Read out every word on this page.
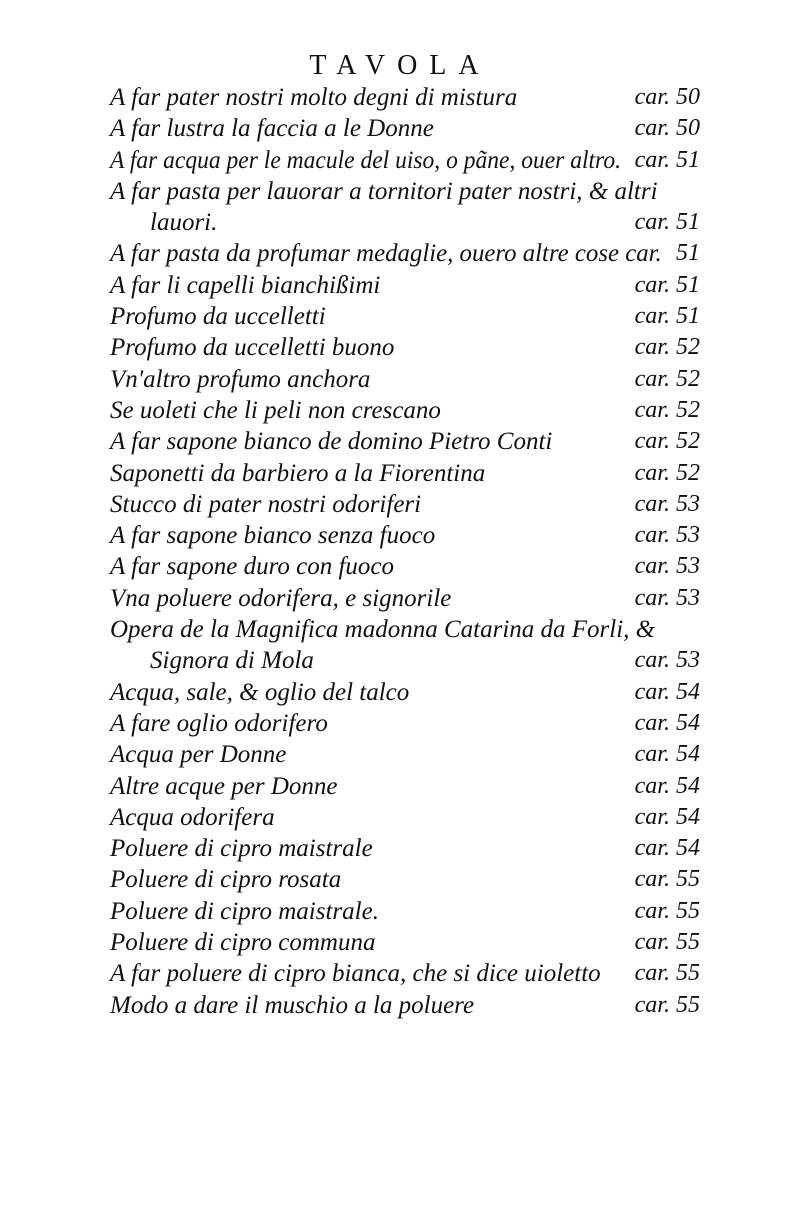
TAVOLA
A far pater nostri molto degni di mistura	car. 50
A far lustra la faccia a le Donne	car. 50
A far acqua per le macule del uiso, o pãne, ouer altro. car. 51
A far pasta per lauorar a tornitori pater nostri, & altri
lauori.	car. 51
A far pasta da profumar medaglie, ouero altre cose car. 51
A far li capelli bianchißimi	car. 51
Profumo da uccelletti	car. 51
Profumo da uccelletti buono	car. 52
Vn'altro profumo anchora	car. 52
Se uoleti che li peli non crescano	car. 52
A far sapone bianco de domino Pietro Conti	car. 52
Saponetti da barbiero a la Fiorentina	car. 52
Stucco di pater nostri odoriferi	car. 53
A far sapone bianco senza fuoco	car. 53
A far sapone duro con fuoco	car. 53
Vna poluere odorifera, e signorile	car. 53
Opera de la Magnifica madonna Catarina da Forli, &
Signora di Mola	car. 53
Acqua, sale, & oglio del talco	car. 54
A fare oglio odorifero	car. 54
Acqua per Donne	car. 54
Altre acque per Donne	car. 54
Acqua odorifera	car. 54
Poluere di cipro maistrale	car. 54
Poluere di cipro rosata	car. 55
Poluere di cipro maistrale.	car. 55
Poluere di cipro communa	car. 55
A far poluere di cipro bianca, che si dice uioletto car. 55
Modo a dare il muschio a la poluere	car. 55
